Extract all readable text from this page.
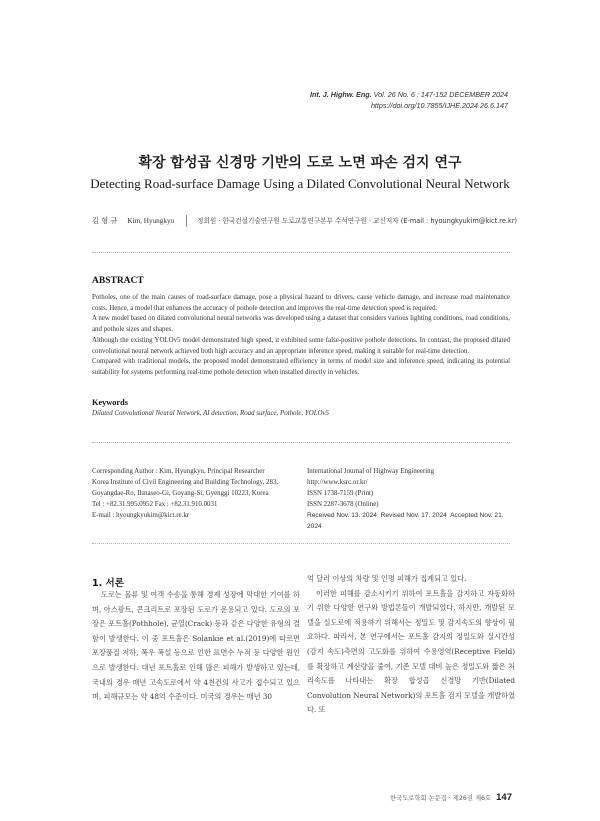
Int. J. Highw. Eng. Vol. 26 No. 6 : 147-152 DECEMBER 2024
https://doi.org/10.7855/IJHE.2024.26.6.147
확장 합성곱 신경망 기반의 도로 노면 파손 검지 연구
Detecting Road-surface Damage Using a Dilated Convolutional Neural Network
김 형 규 Kim, Hyungkyu	정회원 · 한국건설기술연구원 도로교통연구본부 수석연구원 · 교신저자 (E-mail : hyoungkyukim@kict.re.kr)
ABSTRACT

Potholes, one of the main causes of road-surface damage, pose a physical hazard to drivers, cause vehicle damage, and increase road maintenance costs. Hence, a model that enhances the accuracy of pothole detection and improves the real-time detection speed is required.

A new model based on dilated convolutional neural networks was developed using a dataset that considers various lighting conditions, road conditions, and pothole sizes and shapes.

Although the existing YOLOv5 model demonstrated high speed, it exhibited some false-positive pothole detections. In contrast, the proposed dilated convolutional neural network achieved both high accuracy and an appropriate inference speed, making it suitable for real-time detection.

Compared with traditional models, the proposed model demonstrated efficiency in terms of model size and inference speed, indicating its potential suitability for systems performing real-time pothole detection when installed directly in vehicles.

Keywords
Dilated Convolutional Neural Network, AI detection, Road surface, Pothole, YOLOv5
Corresponding Author : Kim, Hyungkyu, Principal Researcher
Korea Institute of Civil Engineering and Building Technology, 283,
Goyangdae-Ro, Ilsnaseo-Gi, Goyang-Si, Gyenggi 10223, Korea
Tel : +82.31.995.0952 Fax : +82.31.910.0031
E-mail : hyoungkyukim@kict.re.kr
International Journal of Highway Engineering
http://www.ksrc.or.kr/
ISSN 1738-7159 (Print)
ISSN 2287-3678 (Online)
Received Nov. 13. 2024 Revised Nov. 17. 2024 Accepted Nov. 21. 2024
1. 서론

도로는 물류 및 여객 수송을 통해 경제 성장에 막대한 기여를 하며, 아스팔트, 콘크리트로 포장된 도로가 운용되고 있다. 도로의 포장은 포트홀(Pothhole), 균열(Crack) 등과 같은 다양한 유형의 결함이 발생한다. 이 중 포트홀은 Solankie et al.(2019)에 따르면 포장품질 저하, 폭우 폭설 등으로 인한 표면수 누적 등 다양한 원인으로 발생한다. 대년 포트홀로 인해 많은 피해가 발생하고 있는데, 국내의 경우 매년 고속도로에서 약 4천건의 사고가 접수되고 있으며, 피해규모는 약 48억 수준이다. 미국의 경우는 매년 30

억 달러 이상의 차량 및 인명 피해가 집계되고 있다.

이러한 피해를 감소시키기 위하여 포트홀을 감지하고 자동화하기 위한 다양한 연구와 방법론들이 개발되었다. 하지만, 개발된 모델을 실도로에 적용하기 위해서는 정밀도 및 감지속도의 향상이 필요하다. 따라서, 본 연구에서는 포트홀 감지의 정밀도와 실시간성(감지 속도)측면의 고도화를 위하여 수용영역(Receptive Field)를 확장하고 계산량을 줄여, 기존 모델 대비 높은 정밀도와 짧은 처리속도를 나타내는 확장 합성곱 신경망 기반(Dilated Convolution Neural Network)의 포트홀 검지 모델을 개발하였다. 또

한국도로학회 논문집 · 제26권 제6호 147
